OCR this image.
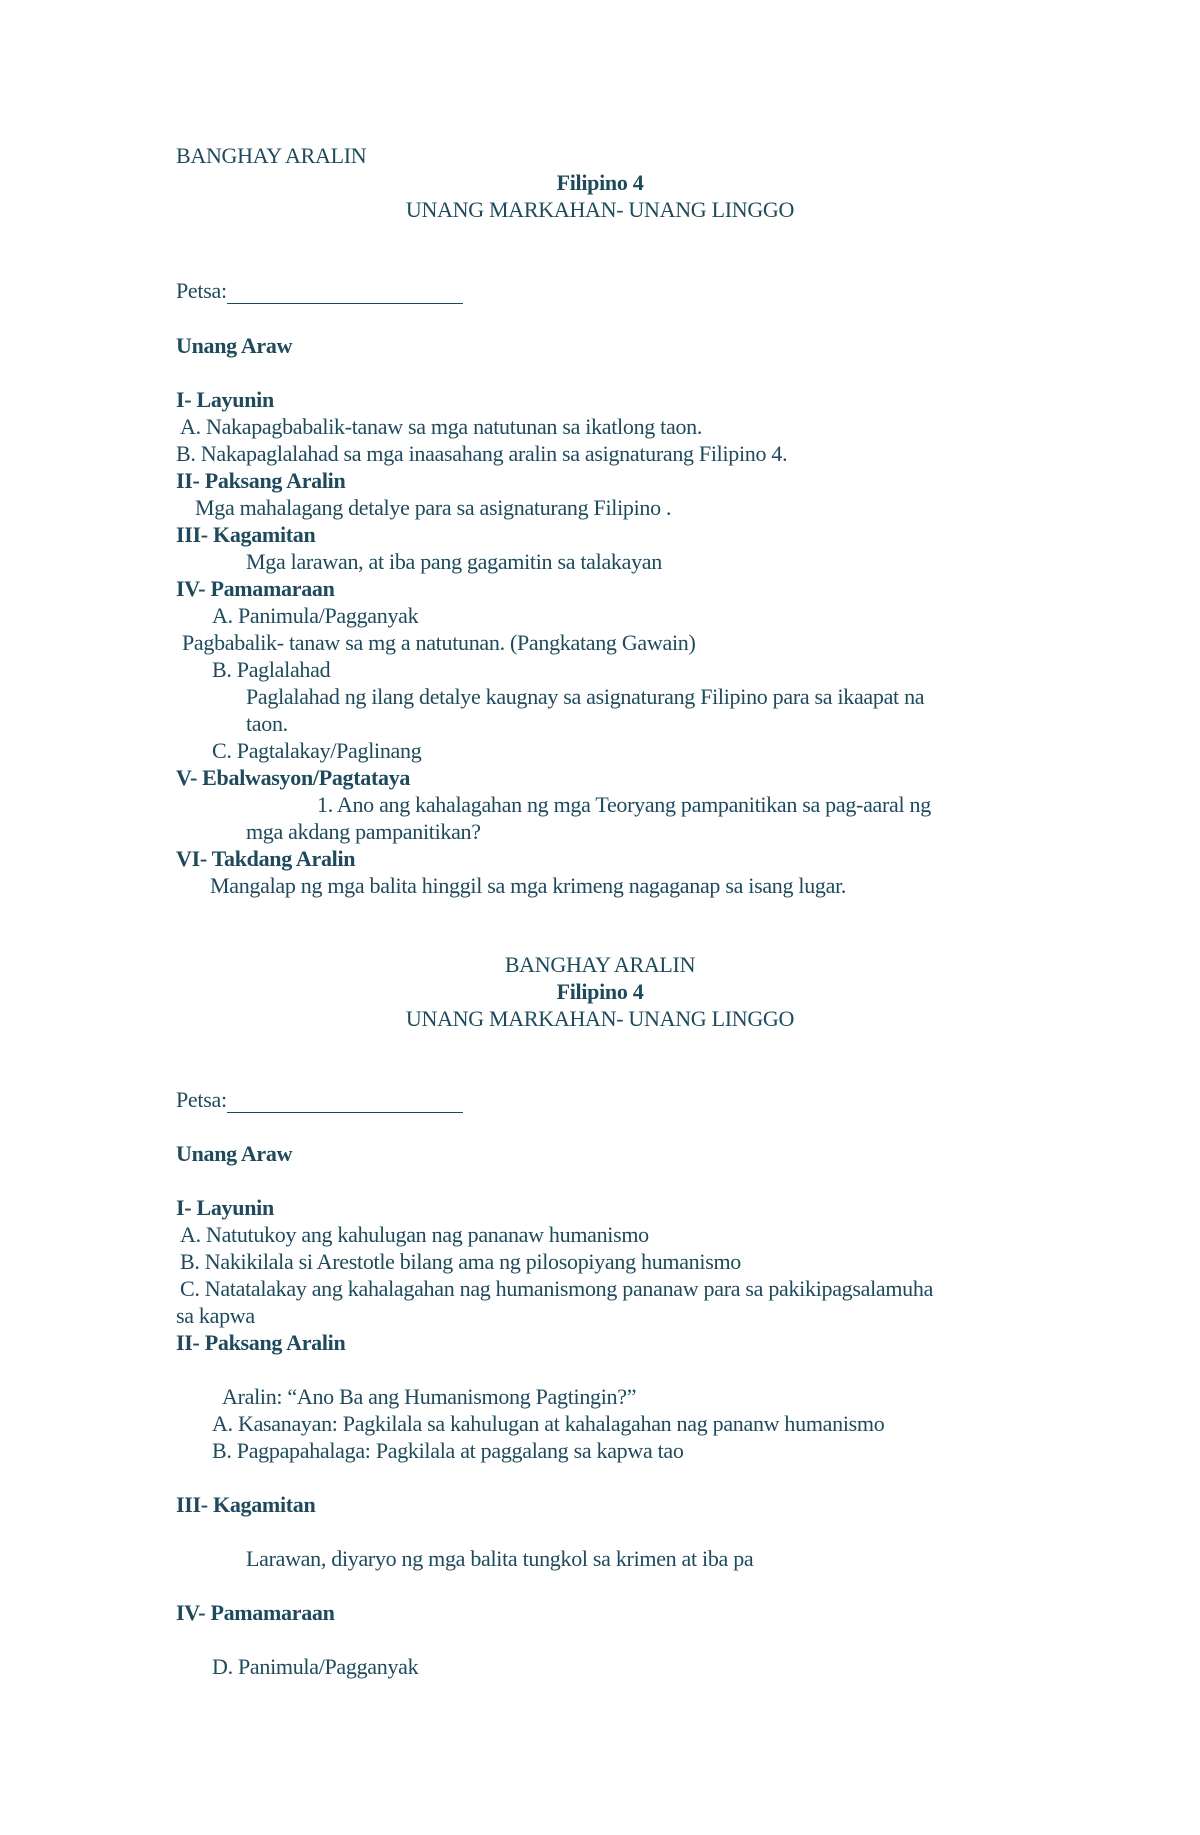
BANGHAY ARALIN
Filipino 4
UNANG MARKAHAN- UNANG LINGGO
Petsa:
Unang Araw
I- Layunin
A. Nakapagbabalik-tanaw sa mga natutunan sa ikatlong taon.
B. Nakapaglalahad sa mga inaasahang aralin sa asignaturang Filipino 4.
II- Paksang Aralin
Mga mahalagang detalye para sa asignaturang Filipino .
III- Kagamitan
Mga larawan, at iba pang gagamitin sa talakayan
IV- Pamamaraan
A. Panimula/Pagganyak
Pagbabalik- tanaw sa mg a natutunan. (Pangkatang Gawain)
B. Paglalahad
Paglalahad ng ilang detalye kaugnay sa asignaturang Filipino para sa ikaapat na
taon.
C. Pagtalakay/Paglinang
V- Ebalwasyon/Pagtataya
1. Ano ang kahalagahan ng mga Teoryang pampanitikan sa pag-aaral ng
mga akdang pampanitikan?
VI- Takdang Aralin
Mangalap ng mga balita hinggil sa mga krimeng nagaganap sa isang lugar.
BANGHAY ARALIN
Filipino 4
UNANG MARKAHAN- UNANG LINGGO
Petsa:
Unang Araw
I- Layunin
A. Natutukoy ang kahulugan nag pananaw humanismo
B. Nakikilala si Arestotle bilang ama ng pilosopiyang humanismo
C. Natatalakay ang kahalagahan nag humanismong pananaw para sa pakikipagsalamuha
sa kapwa
II- Paksang Aralin
Aralin: “Ano Ba ang Humanismong Pagtingin?”
A. Kasanayan: Pagkilala sa kahulugan at kahalagahan nag pananw humanismo
B. Pagpapahalaga: Pagkilala at paggalang sa kapwa tao
III- Kagamitan
Larawan, diyaryo ng mga balita tungkol sa krimen at iba pa
IV- Pamamaraan
D. Panimula/Pagganyak
